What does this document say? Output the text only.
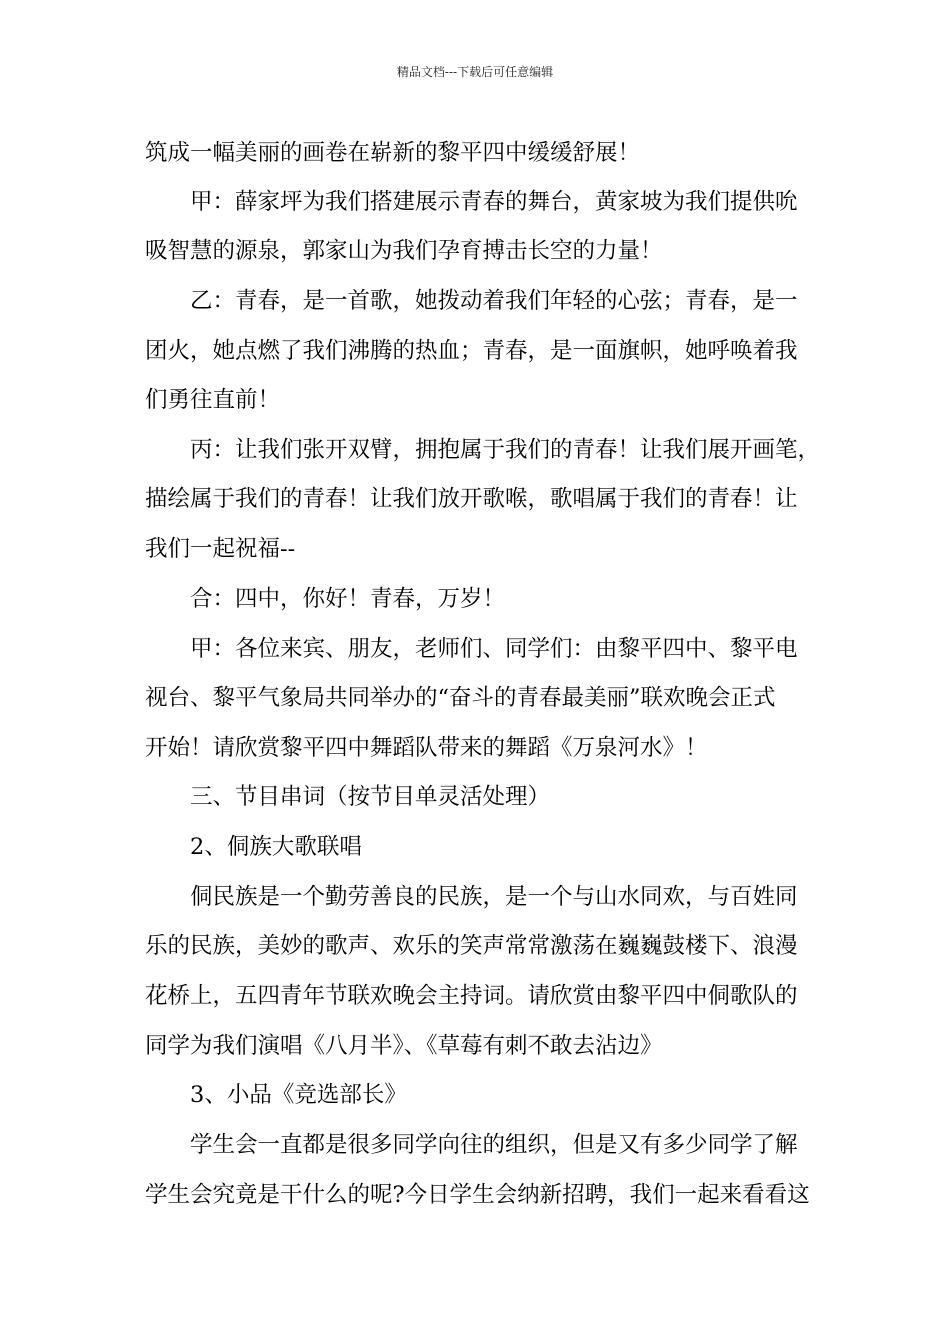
精品文档---下载后可任意编辑
筑成一幅美丽的画卷在崭新的黎平四中缓缓舒展！
甲：薛家坪为我们搭建展示青春的舞台，黄家坡为我们提供吮
吸智慧的源泉，郭家山为我们孕育搏击长空的力量！
乙：青春，是一首歌，她拨动着我们年轻的心弦；青春，是一
团火，她点燃了我们沸腾的热血；青春，是一面旗帜，她呼唤着我
们勇往直前！
丙：让我们张开双臂，拥抱属于我们的青春！让我们展开画笔，
描绘属于我们的青春！让我们放开歌喉，歌唱属于我们的青春！让
我们一起祝福--
合：四中，你好！青春，万岁！
甲：各位来宾、朋友，老师们、同学们：由黎平四中、黎平电
视台、黎平气象局共同举办的“奋斗的青春最美丽”联欢晚会正式
开始！请欣赏黎平四中舞蹈队带来的舞蹈《万泉河水》！
三、节目串词（按节目单灵活处理）
2、侗族大歌联唱
侗民族是一个勤劳善良的民族，是一个与山水同欢，与百姓同
乐的民族，美妙的歌声、欢乐的笑声常常激荡在巍巍鼓楼下、浪漫
花桥上，五四青年节联欢晚会主持词。请欣赏由黎平四中侗歌队的
同学为我们演唱《八月半》、《草莓有刺不敢去沾边》
3、小品《竞选部长》
学生会一直都是很多同学向往的组织，但是又有多少同学了解
学生会究竟是干什么的呢?今日学生会纳新招聘，我们一起来看看这
